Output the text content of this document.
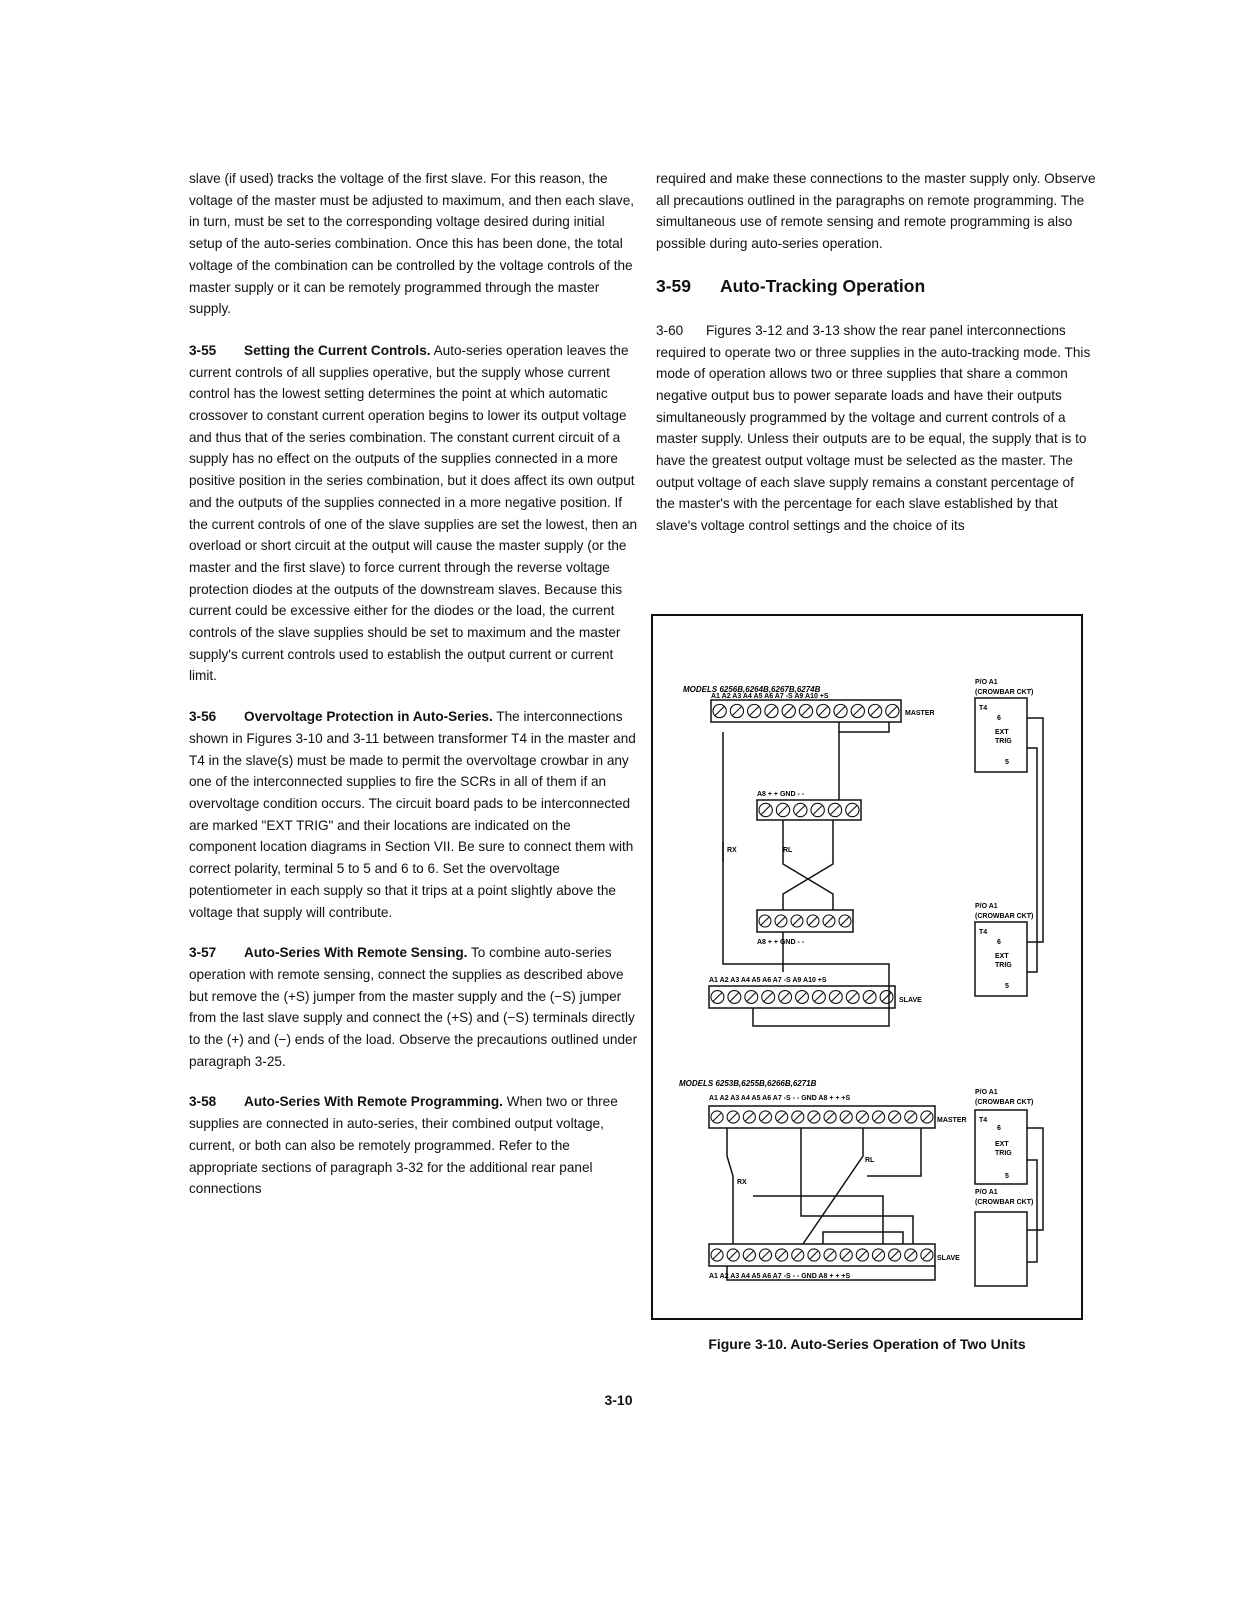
slave (if used) tracks the voltage of the first slave. For this reason, the voltage of the master must be adjusted to maximum, and then each slave, in turn, must be set to the corresponding voltage desired during initial setup of the auto-series combination. Once this has been done, the total voltage of the combination can be controlled by the voltage controls of the master supply or it can be remotely programmed through the master supply.

3-55 Setting the Current Controls. Auto-series operation leaves the current controls of all supplies operative, but the supply whose current control has the lowest setting determines the point at which automatic crossover to constant current operation begins to lower its output voltage and thus that of the series combination. The constant current circuit of a supply has no effect on the outputs of the supplies connected in a more positive position in the series combination, but it does affect its own output and the outputs of the supplies connected in a more negative position. If the current controls of one of the slave supplies are set the lowest, then an overload or short circuit at the output will cause the master supply (or the master and the first slave) to force current through the reverse voltage protection diodes at the outputs of the downstream slaves. Because this current could be excessive either for the diodes or the load, the current controls of the slave supplies should be set to maximum and the master supply's current controls used to establish the output current or current limit.

3-56 Overvoltage Protection in Auto-Series. The interconnections shown in Figures 3-10 and 3-11 between transformer T4 in the master and T4 in the slave(s) must be made to permit the overvoltage crowbar in any one of the interconnected supplies to fire the SCRs in all of them if an overvoltage condition occurs. The circuit board pads to be interconnected are marked "EXT TRIG" and their locations are indicated on the component location diagrams in Section VII. Be sure to connect them with correct polarity, terminal 5 to 5 and 6 to 6. Set the overvoltage potentiometer in each supply so that it trips at a point slightly above the voltage that supply will contribute.

3-57 Auto-Series With Remote Sensing. To combine auto-series operation with remote sensing, connect the supplies as described above but remove the (+S) jumper from the master supply and the (−S) jumper from the last slave supply and connect the (+S) and (−S) terminals directly to the (+) and (−) ends of the load. Observe the precautions outlined under paragraph 3-25.

3-58 Auto-Series With Remote Programming. When two or three supplies are connected in auto-series, their combined output voltage, current, or both can also be remotely programmed. Refer to the appropriate sections of paragraph 3-32 for the additional rear panel connections

required and make these connections to the master supply only. Observe all precautions outlined in the paragraphs on remote programming. The simultaneous use of remote sensing and remote programming is also possible during auto-series operation.

3-59 Auto-Tracking Operation

3-60 Figures 3-12 and 3-13 show the rear panel interconnections required to operate two or three supplies in the auto-tracking mode. This mode of operation allows two or three supplies that share a common negative output bus to power separate loads and have their outputs simultaneously programmed by the voltage and current controls of a master supply. Unless their outputs are to be equal, the supply that is to have the greatest output voltage must be selected as the master. The output voltage of each slave supply remains a constant percentage of the master's with the percentage for each slave established by that slave's voltage control settings and the choice of its

MODELS 6256B,6264B,6267B,6274B
A1 A2 A3 A4 A5 A6 A7 -S A9 A10 +S
MASTER
A8 + + GND - -
A8 + + GND - -
A1 A2 A3 A4 A5 A6 A7 -S A9 A10 +S
SLAVE
RX	RL
MODELS 6253B,6255B,6266B,6271B
A1 A2 A3 A4 A5 A6 A7 -S - - GND A8 + + +S
MASTER
A1 A2 A3 A4 A5 A6 A7 -S - - GND A8 + + +S
SLAVE
RX
RL
P/O A1
(CROWBAR CKT)
T4
6
EXT
TRIG
5
P/O A1
(CROWBAR CKT)
T4
6
EXT
TRIG
5
P/O A1
(CROWBAR CKT)
T4
6
EXT
TRIG
5
P/O A1
(CROWBAR CKT)
Figure 3-10. Auto-Series Operation of Two Units
3-10
